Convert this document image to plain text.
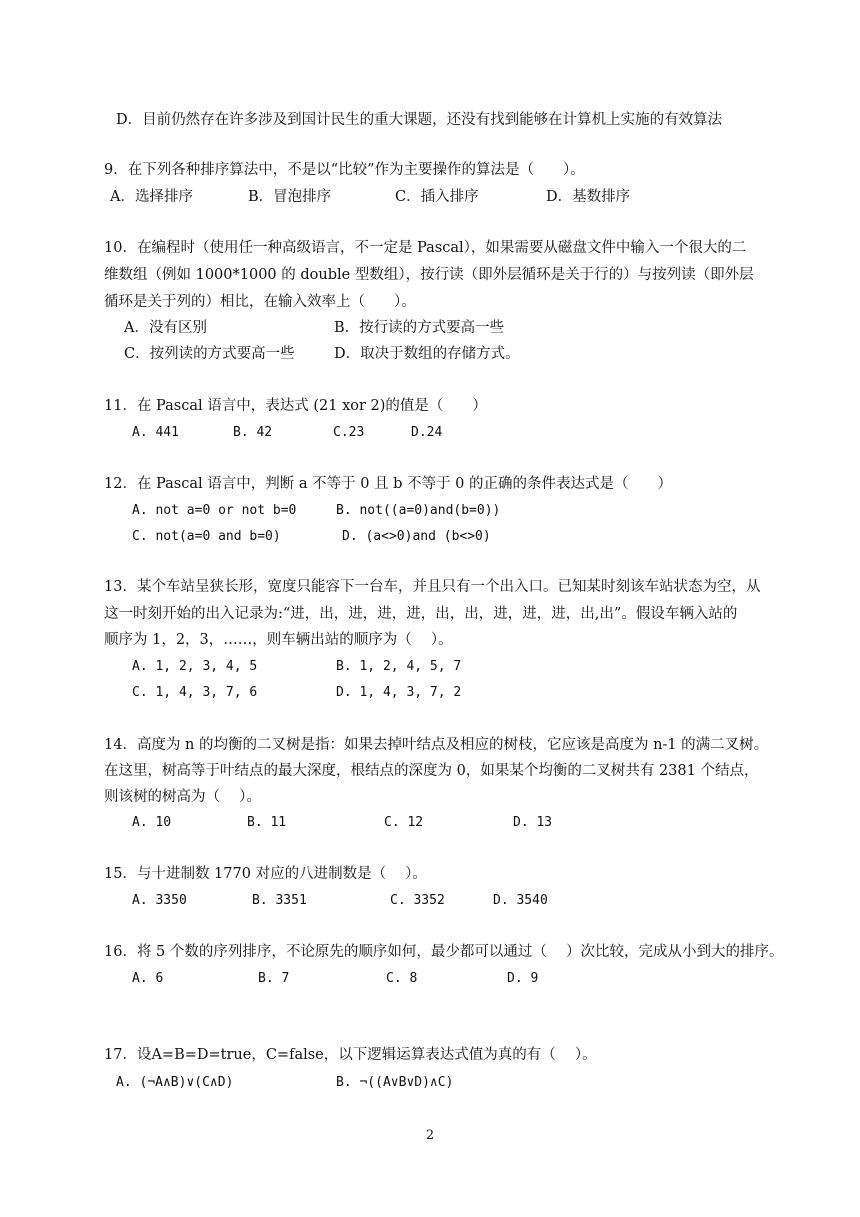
D．目前仍然存在许多涉及到国计民生的重大课题，还没有找到能够在计算机上实施的有效算法
9．在下列各种排序算法中，不是以“比较”作为主要操作的算法是（　　）。
A．选择排序	B．冒泡排序	C．插入排序	D．基数排序
10．在编程时（使用任一种高级语言，不一定是 Pascal），如果需要从磁盘文件中输入一个很大的二
维数组（例如 1000*1000 的 double 型数组），按行读（即外层循环是关于行的）与按列读（即外层
循环是关于列的）相比，在输入效率上（　　）。
A．没有区别	B．按行读的方式要高一些
C．按列读的方式要高一些	D．取决于数组的存储方式。
11．在 Pascal 语言中，表达式 (21 xor 2)的值是（　　）
A. 441	B. 42	C.23	D.24
12．在 Pascal 语言中，判断 a 不等于 0 且 b 不等于 0 的正确的条件表达式是（　　）
A. not a=0 or not b=0	B. not((a=0)and(b=0))
C. not(a=0 and b=0)	D. (a<>0)and (b<>0)
13．某个车站呈狭长形，宽度只能容下一台车，并且只有一个出入口。已知某时刻该车站状态为空，从
这一时刻开始的出入记录为:“进，出，进，进，进，出，出，进，进，进，出,出”。假设车辆入站的
顺序为 1，2，3，……，则车辆出站的顺序为（　 ）。
A. 1, 2, 3, 4, 5	B. 1, 2, 4, 5, 7
C. 1, 4, 3, 7, 6	D. 1, 4, 3, 7, 2
14．高度为 n 的均衡的二叉树是指：如果去掉叶结点及相应的树枝，它应该是高度为 n-1 的满二叉树。
在这里，树高等于叶结点的最大深度，根结点的深度为 0，如果某个均衡的二叉树共有 2381 个结点，
则该树的树高为（　 ）。
A. 10	B. 11	C. 12	D. 13
15．与十进制数 1770 对应的八进制数是（　 ）。
A. 3350	B. 3351	C. 3352	D. 3540
16．将 5 个数的序列排序，不论原先的顺序如何，最少都可以通过（　 ）次比较，完成从小到大的排序。
A. 6	B. 7	C. 8	D. 9
17．设A=B=D=true，C=false，以下逻辑运算表达式值为真的有（　 ）。
A. (¬A∧B)∨(C∧D)	B. ¬((A∨B∨D)∧C)
2
